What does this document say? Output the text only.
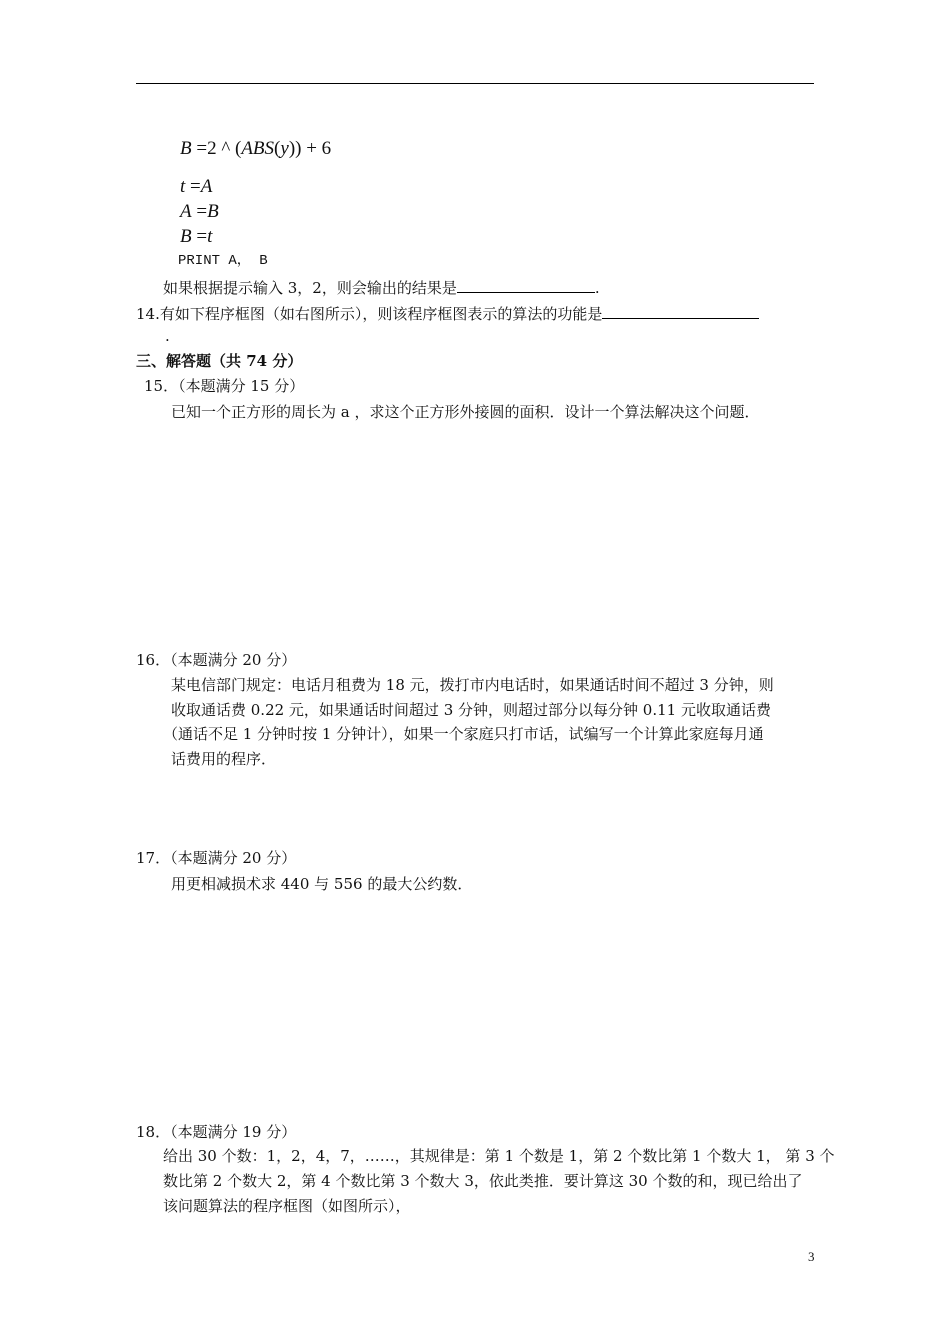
B =2 ^ (ABS(y)) + 6
t =A
A =B
B =t
PRINT A， B
如果根据提示输入 3，2，则会输出的结果是	.
14.有如下程序框图（如右图所示），则该程序框图表示的算法的功能是
.
三、解答题（共 74 分）
15．（本题满分 15 分）
已知一个正方形的周长为 a ，求这个正方形外接圆的面积．设计一个算法解决这个问题．
16．（本题满分 20 分）
某电信部门规定：电话月租费为 18 元，拨打市内电话时，如果通话时间不超过 3 分钟，则
收取通话费 0.22 元，如果通话时间超过 3 分钟，则超过部分以每分钟 0.11 元收取通话费
（通话不足 1 分钟时按 1 分钟计），如果一个家庭只打市话，试编写一个计算此家庭每月通
话费用的程序．
17．（本题满分 20 分）
用更相减损术求 440 与 556 的最大公约数．
18．（本题满分 19 分）
给出 30 个数：1，2，4，7，……，其规律是：第 1 个数是 1，第 2 个数比第 1 个数大 1， 第 3 个
数比第 2 个数大 2，第 4 个数比第 3 个数大 3，依此类推．要计算这 30 个数的和，现已给出了
该问题算法的程序框图（如图所示），
3
